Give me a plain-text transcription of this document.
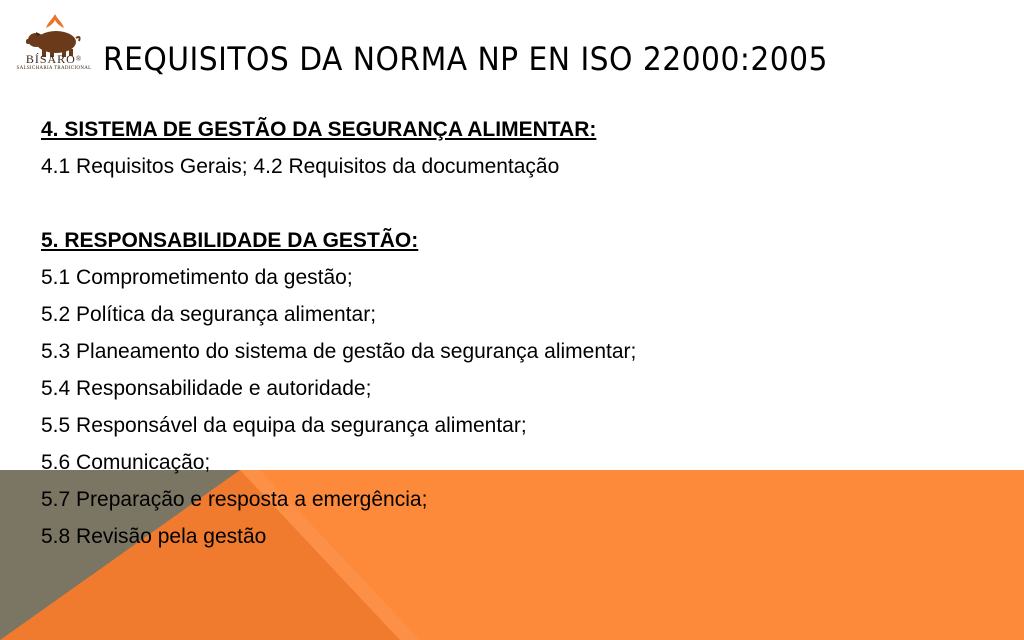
BÍSARO®
SALSICHARIA TRADICIONAL REQUISITOS DA NORMA NP EN ISO 22000:2005
4. SISTEMA DE GESTÃO DA SEGURANÇA ALIMENTAR:
4.1 Requisitos Gerais; 4.2 Requisitos da documentação
5. RESPONSABILIDADE DA GESTÃO:
5.1 Comprometimento da gestão;
5.2 Política da segurança alimentar;
5.3 Planeamento do sistema de gestão da segurança alimentar;
5.4 Responsabilidade e autoridade;
5.5 Responsável da equipa da segurança alimentar;
5.6 Comunicação;
5.7 Preparação e resposta a emergência;
5.8 Revisão pela gestão
